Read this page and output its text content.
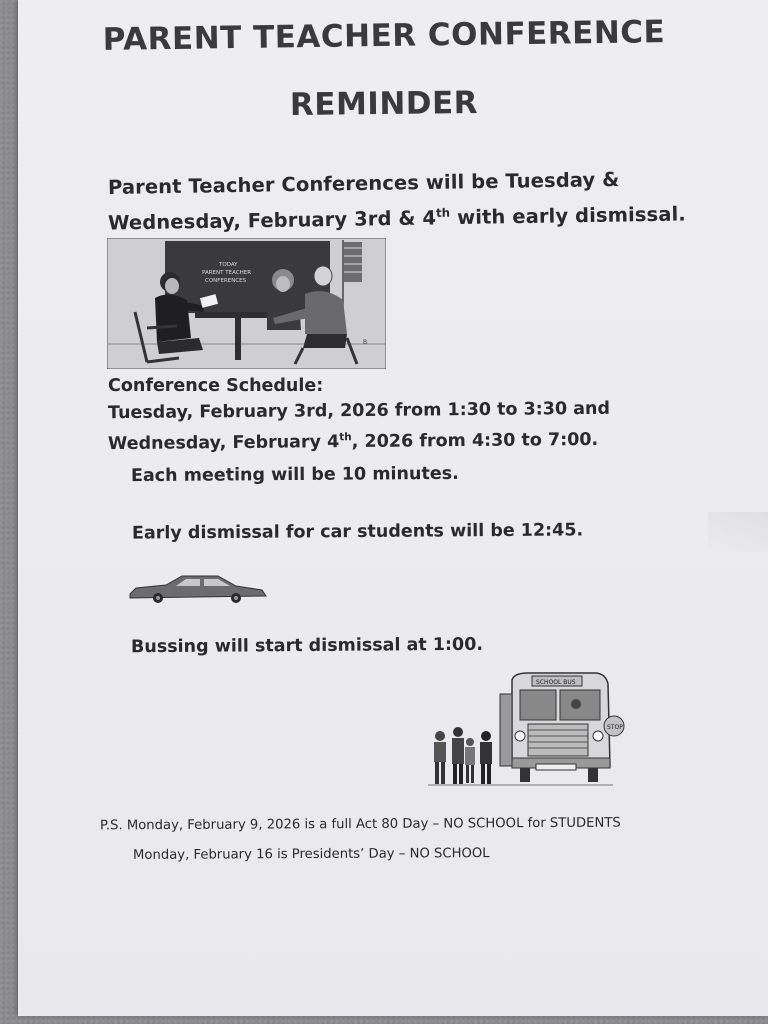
PARENT TEACHER CONFERENCE
REMINDER
Parent Teacher Conferences will be Tuesday &
Wednesday, February 3rd & 4th with early dismissal.
TODAY
PARENT TEACHER
CONFERENCES
B
Conference Schedule:
Tuesday, February 3rd, 2026 from 1:30 to 3:30 and
Wednesday, February 4th, 2026 from 4:30 to 7:00.
Each meeting will be 10 minutes.
Early dismissal for car students will be 12:45.
Bussing will start dismissal at 1:00.
SCHOOL BUS
STOP
P.S. Monday, February 9, 2026 is a full Act 80 Day – NO SCHOOL for STUDENTS
Monday, February 16 is Presidents’ Day – NO SCHOOL
